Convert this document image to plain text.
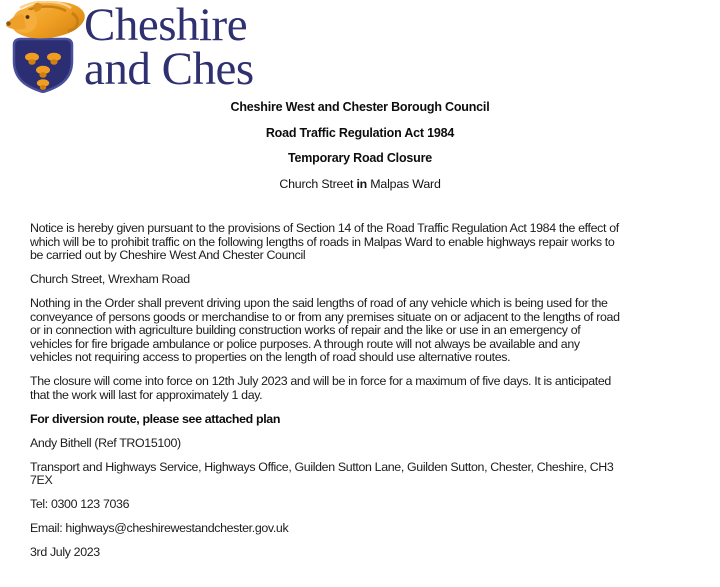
Cheshire
and Ches
Cheshire West and Chester Borough Council
Road Traffic Regulation Act 1984
Temporary Road Closure
Church Street in Malpas Ward
Notice is hereby given pursuant to the provisions of Section 14 of the Road Traffic Regulation Act 1984 the effect of
which will be to prohibit traffic on the following lengths of roads in Malpas Ward to enable highways repair works to
be carried out by Cheshire West And Chester Council
Church Street, Wrexham Road
Nothing in the Order shall prevent driving upon the said lengths of road of any vehicle which is being used for the
conveyance of persons goods or merchandise to or from any premises situate on or adjacent to the lengths of road
or in connection with agriculture building construction works of repair and the like or use in an emergency of
vehicles for fire brigade ambulance or police purposes. A through route will not always be available and any
vehicles not requiring access to properties on the length of road should use alternative routes.
The closure will come into force on 12th July 2023 and will be in force for a maximum of five days. It is anticipated
that the work will last for approximately 1 day.
For diversion route, please see attached plan
Andy Bithell (Ref TRO15100)
Transport and Highways Service, Highways Office, Guilden Sutton Lane, Guilden Sutton, Chester, Cheshire, CH3
7EX
Tel: 0300 123 7036
Email: highways@cheshirewestandchester.gov.uk
3rd July 2023
